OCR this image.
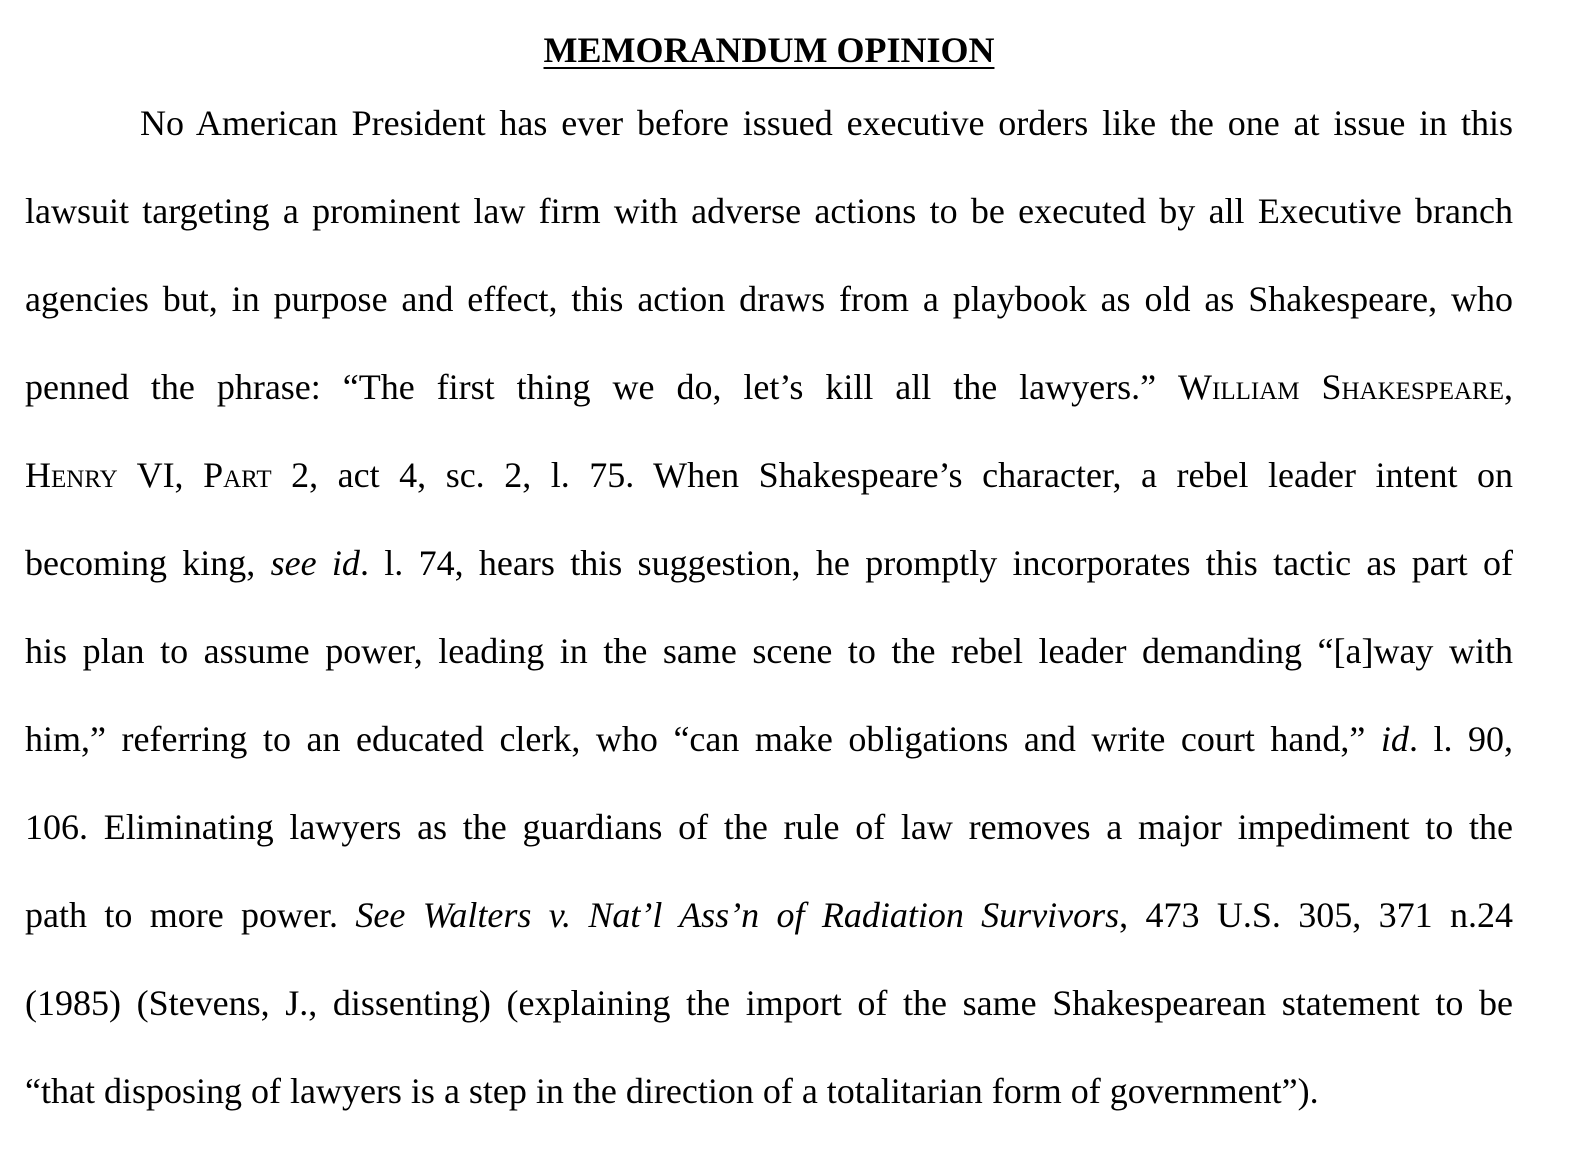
MEMORANDUM OPINION
No American President has ever before issued executive orders like the one at issue in this
lawsuit targeting a prominent law firm with adverse actions to be executed by all Executive branch
agencies but, in purpose and effect, this action draws from a playbook as old as Shakespeare, who
penned the phrase: “The first thing we do, let’s kill all the lawyers.” William Shakespeare,
Henry VI, Part 2, act 4, sc. 2, l. 75. When Shakespeare’s character, a rebel leader intent on
becoming king, see id. l. 74, hears this suggestion, he promptly incorporates this tactic as part of
his plan to assume power, leading in the same scene to the rebel leader demanding “[a]way with
him,” referring to an educated clerk, who “can make obligations and write court hand,” id. l. 90,
106. Eliminating lawyers as the guardians of the rule of law removes a major impediment to the
path to more power. See Walters v. Nat’l Ass’n of Radiation Survivors, 473 U.S. 305, 371 n.24
(1985) (Stevens, J., dissenting) (explaining the import of the same Shakespearean statement to be
“that disposing of lawyers is a step in the direction of a totalitarian form of government”).
